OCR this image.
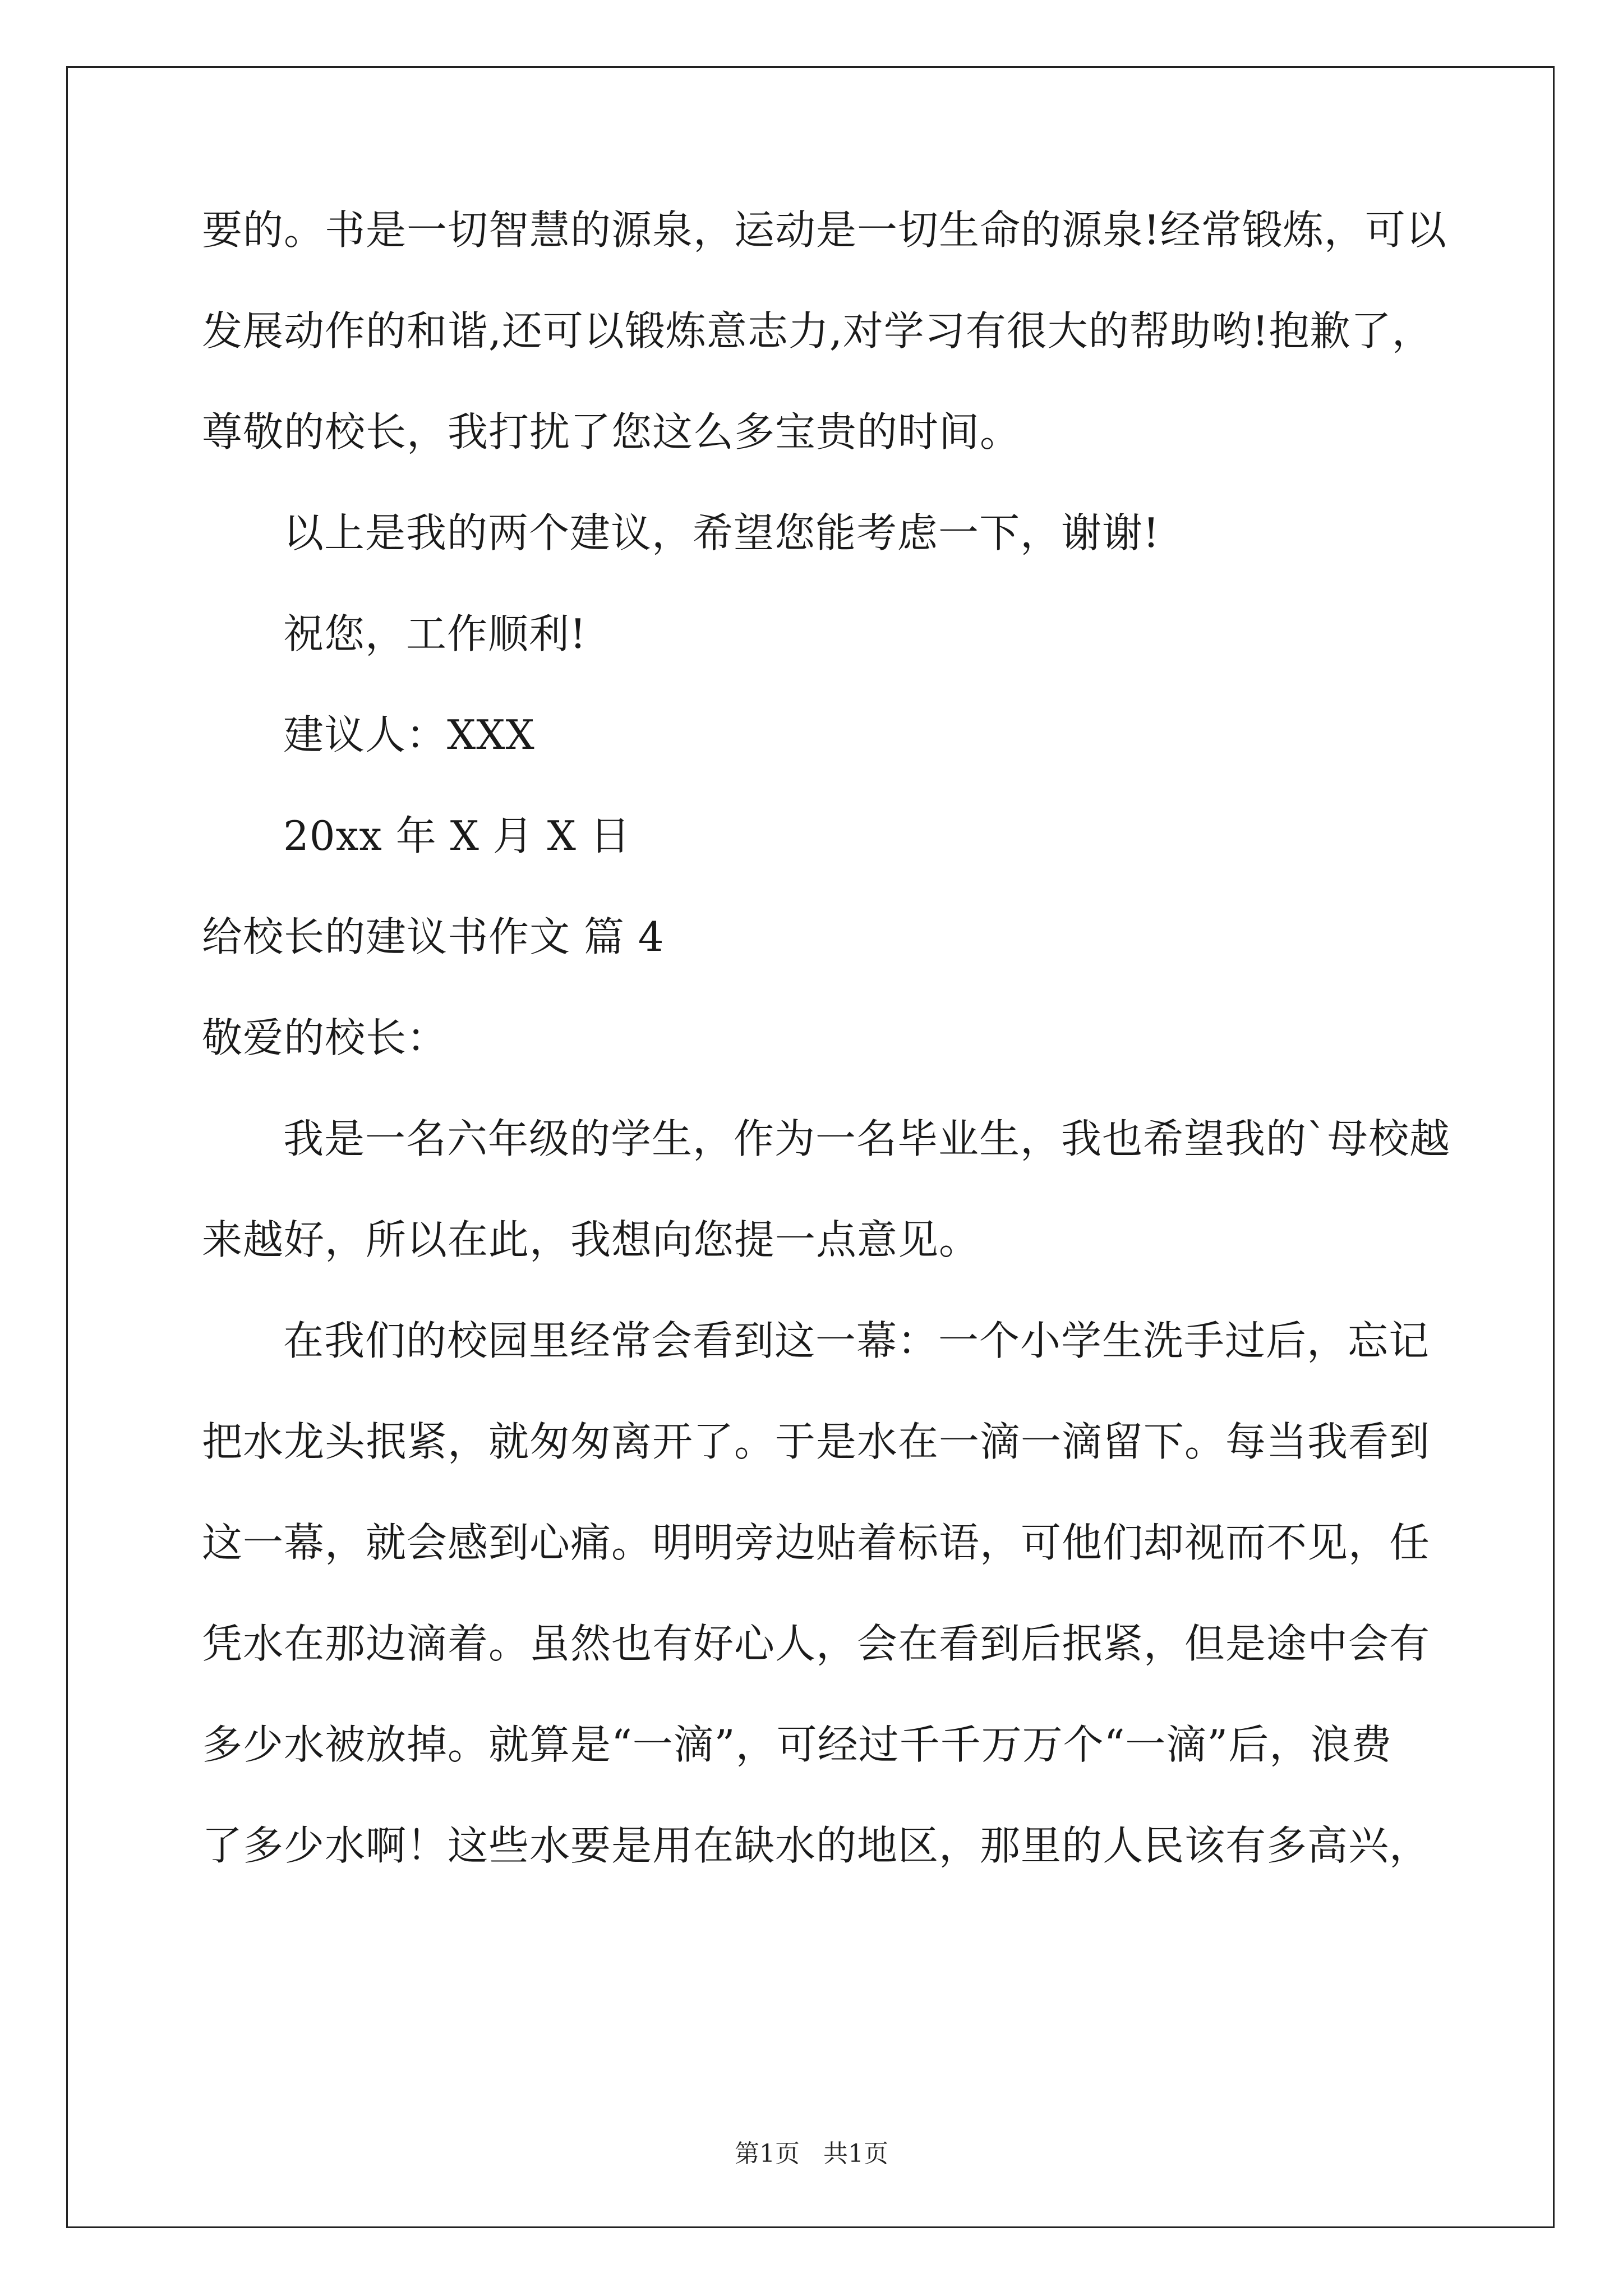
要的。书是一切智慧的源泉，运动是一切生命的源泉!经常锻炼，可以
发展动作的和谐,还可以锻炼意志力,对学习有很大的帮助哟!抱歉了，
尊敬的校长，我打扰了您这么多宝贵的时间。
以上是我的两个建议，希望您能考虑一下，谢谢!
祝您，工作顺利!
建议人：XXX
20xx 年 X 月 X 日
给校长的建议书作文 篇 4
敬爱的校长：
我是一名六年级的学生，作为一名毕业生，我也希望我的`母校越
来越好，所以在此，我想向您提一点意见。
在我们的校园里经常会看到这一幕：一个小学生洗手过后，忘记
把水龙头抿紧，就匆匆离开了。于是水在一滴一滴留下。每当我看到
这一幕，就会感到心痛。明明旁边贴着标语，可他们却视而不见，任
凭水在那边滴着。虽然也有好心人，会在看到后抿紧，但是途中会有
多少水被放掉。就算是“一滴”，可经过千千万万个“一滴”后，浪费
了多少水啊！这些水要是用在缺水的地区，那里的人民该有多高兴，
第1页   共1页
